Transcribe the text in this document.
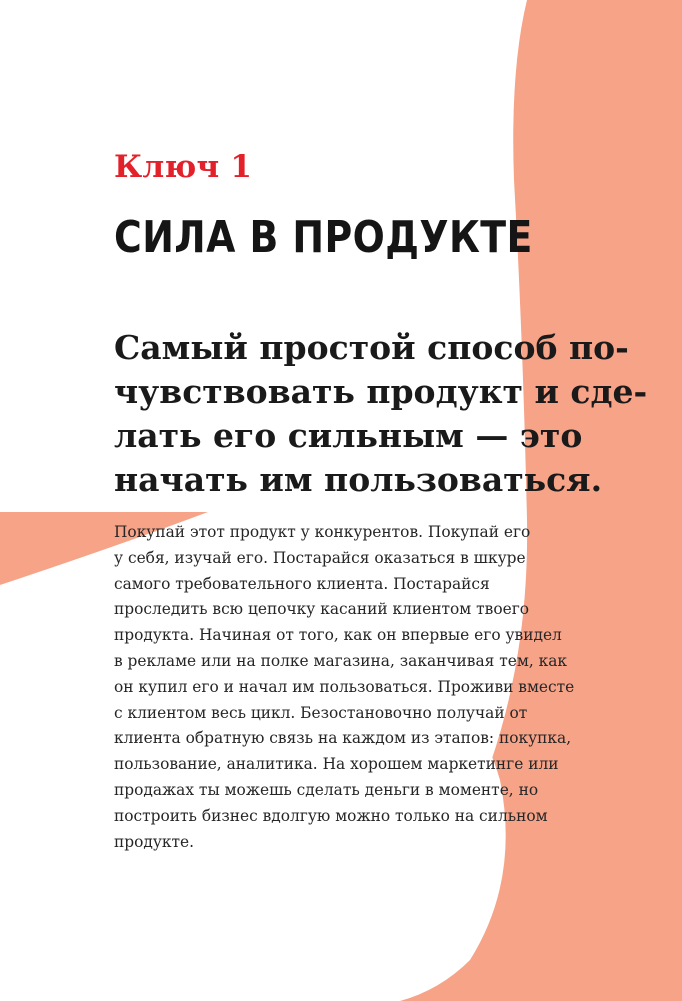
Ключ 1
СИЛА В ПРОДУКТЕ

Самый простой способ по-
чувствовать продукт и сде-
лать его сильным — это
начать им пользоваться.

Покупай этот продукт у конкурентов. Покупай его
у себя, изучай его. Постарайся оказаться в шкуре
самого требовательного клиента. Постарайся
проследить всю цепочку касаний клиентом твоего
продукта. Начиная от того, как он впервые его увидел
в рекламе или на полке магазина, заканчивая тем, как
он купил его и начал им пользоваться. Проживи вместе
с клиентом весь цикл. Безостановочно получай от
клиента обратную связь на каждом из этапов: покупка,
пользование, аналитика. На хорошем маркетинге или
продажах ты можешь сделать деньги в моменте, но
построить бизнес вдолгую можно только на сильном
продукте.
